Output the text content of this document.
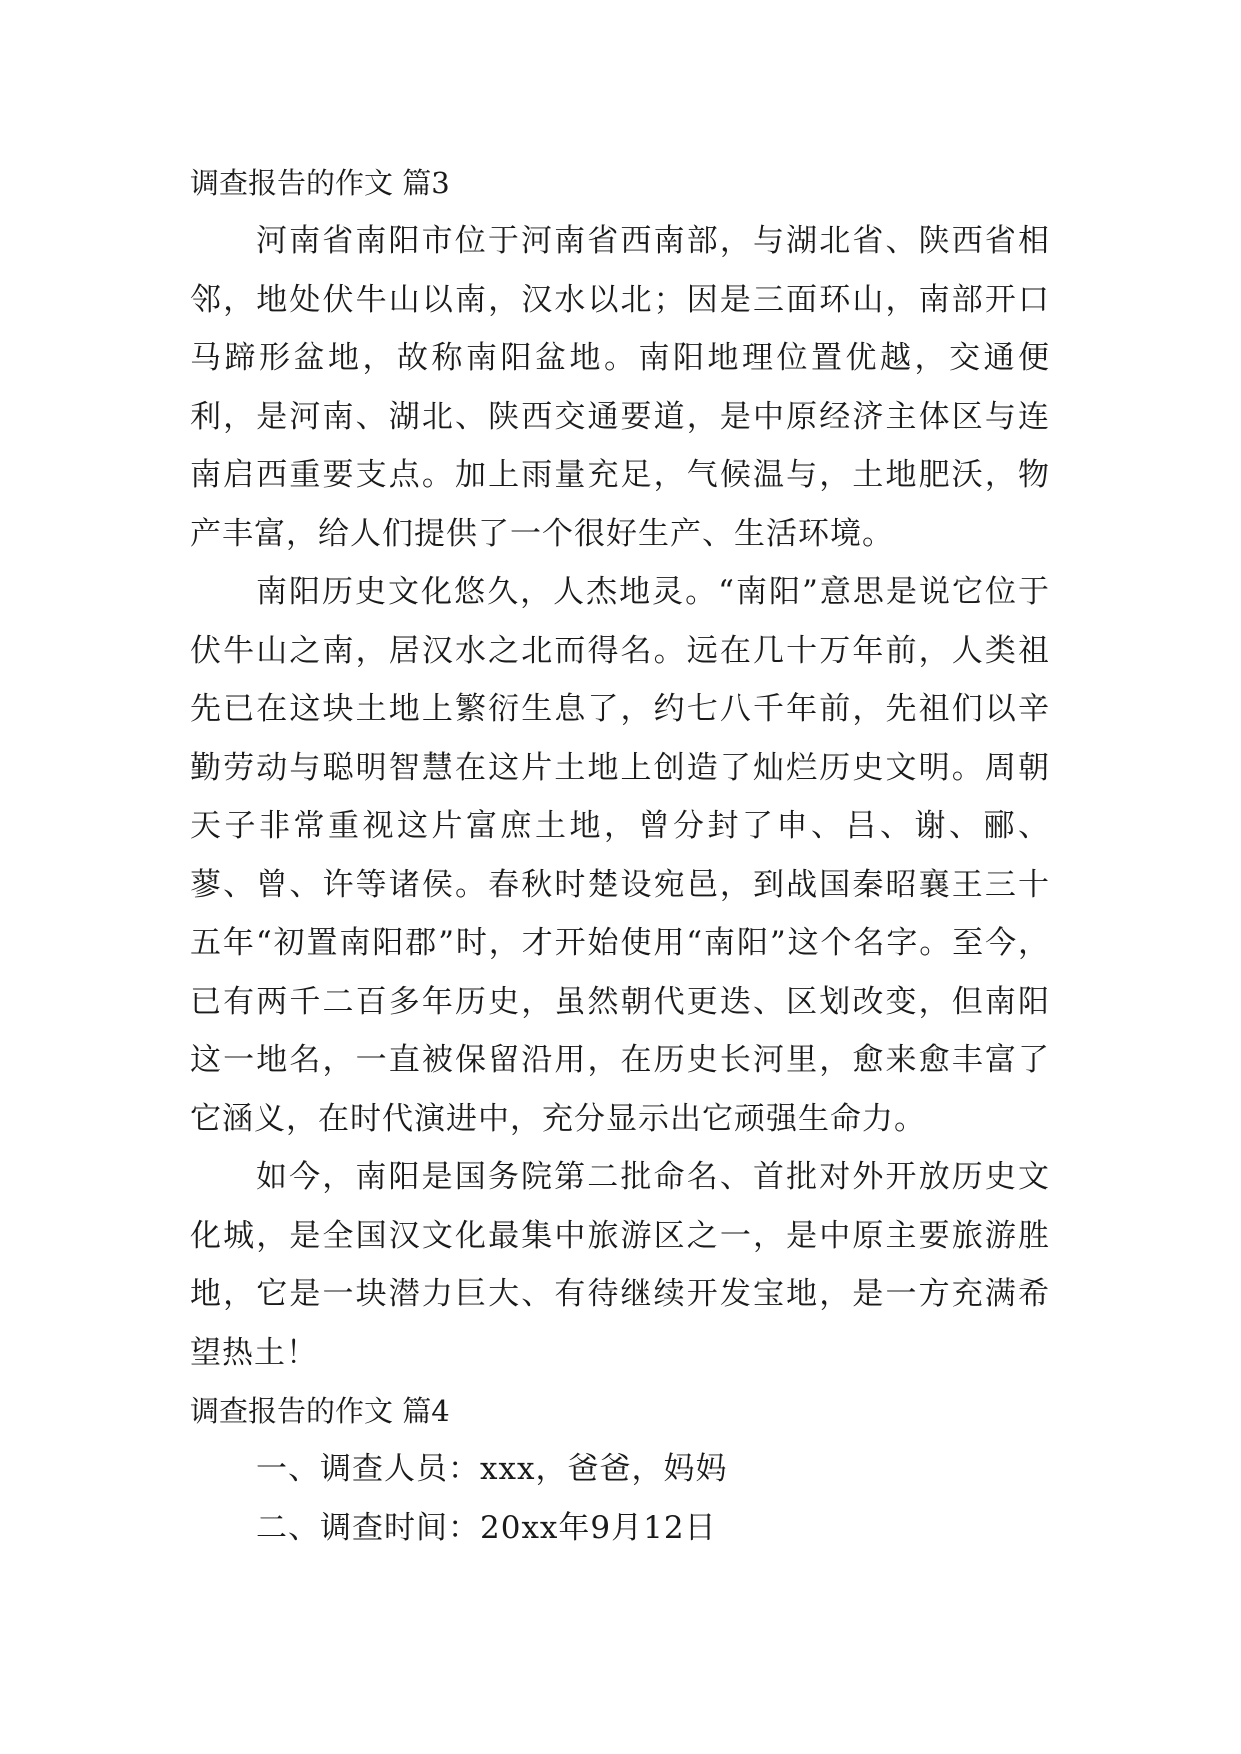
调查报告的作文 篇3

河南省南阳市位于河南省西南部，与湖北省、陕西省相邻，地处伏牛山以南，汉水以北；因是三面环山，南部开口马蹄形盆地，故称南阳盆地。南阳地理位置优越，交通便利，是河南、湖北、陕西交通要道，是中原经济主体区与连南启西重要支点。加上雨量充足，气候温与，土地肥沃，物产丰富，给人们提供了一个很好生产、生活环境。

南阳历史文化悠久，人杰地灵。“南阳”意思是说它位于伏牛山之南，居汉水之北而得名。远在几十万年前，人类祖先已在这块土地上繁衍生息了，约七八千年前，先祖们以辛勤劳动与聪明智慧在这片土地上创造了灿烂历史文明。周朝天子非常重视这片富庶土地，曾分封了申、吕、谢、郦、蓼、曾、许等诸侯。春秋时楚设宛邑，到战国秦昭襄王三十五年“初置南阳郡”时，才开始使用“南阳”这个名字。至今，已有两千二百多年历史，虽然朝代更迭、区划改变，但南阳这一地名，一直被保留沿用，在历史长河里，愈来愈丰富了它涵义，在时代演进中，充分显示出它顽强生命力。

如今，南阳是国务院第二批命名、首批对外开放历史文化城，是全国汉文化最集中旅游区之一，是中原主要旅游胜地，它是一块潜力巨大、有待继续开发宝地，是一方充满希望热土！

调查报告的作文 篇4

一、调查人员：xxx，爸爸，妈妈

二、调查时间：20xx年9月12日
